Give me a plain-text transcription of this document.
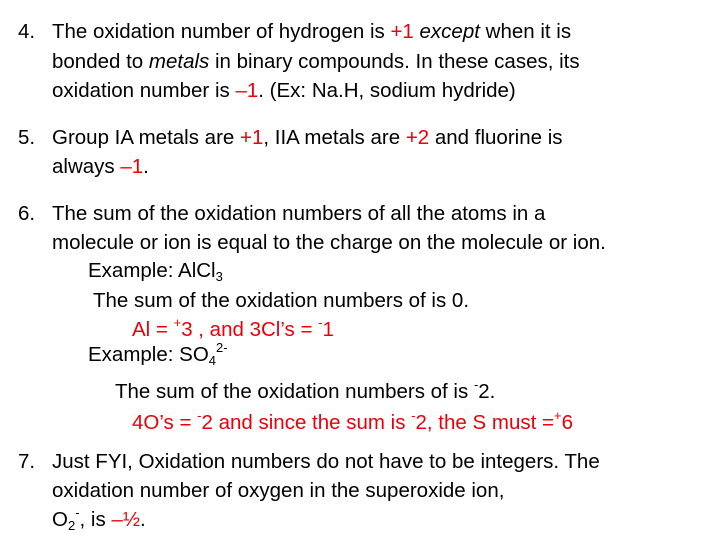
4. The oxidation number of hydrogen is +1 except when it is
bonded to metals in binary compounds. In these cases, its
oxidation number is –1. (Ex: Na.H, sodium hydride)
5. Group IA metals are +1, IIA metals are +2 and fluorine is
always –1.
6. The sum of the oxidation numbers of all the atoms in a
molecule or ion is equal to the charge on the molecule or ion.
Example: AlCl$_3$
The sum of the oxidation numbers of is 0.
Al = +3 , and 3Cl’s = -1
Example: $SO_4^{2-}$
The sum of the oxidation numbers of is -2.
4O’s = -2 and since the sum is -2, the S must =+6
7. Just FYI, Oxidation numbers do not have to be integers. The
oxidation number of oxygen in the superoxide ion,
$O_2^-$, is –½.
